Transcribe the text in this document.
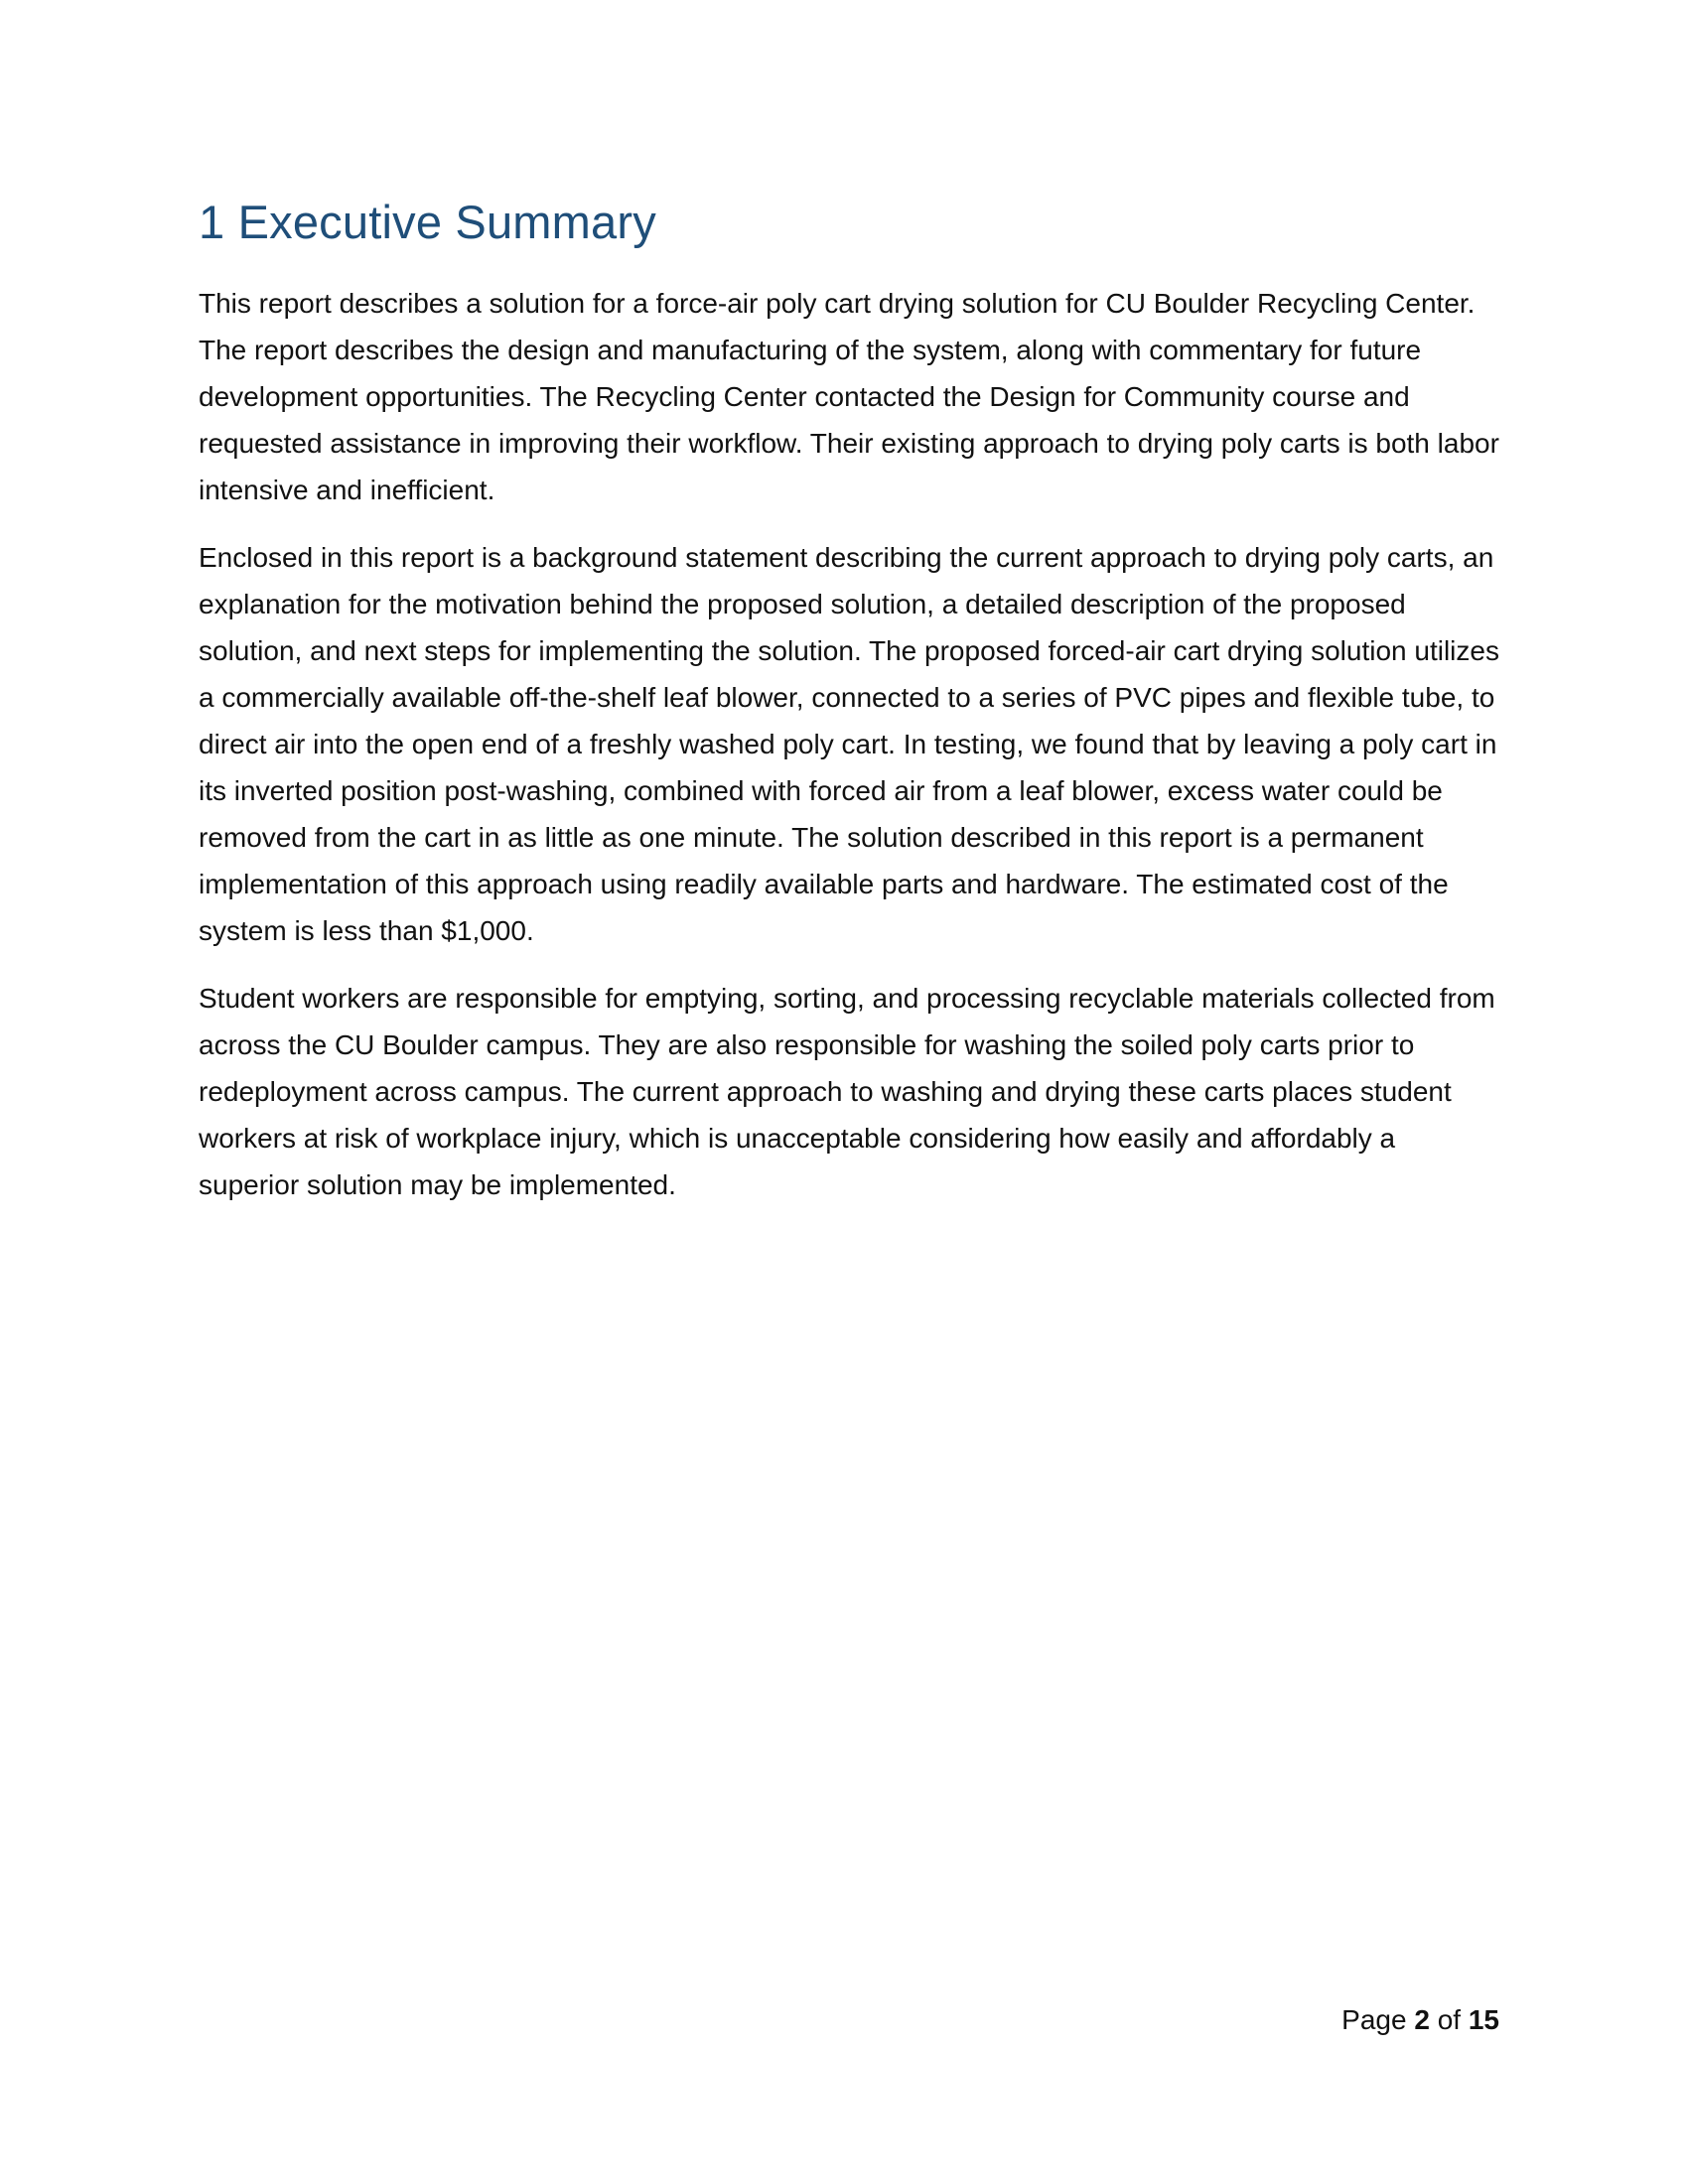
1 Executive Summary

This report describes a solution for a force-air poly cart drying solution for CU Boulder Recycling Center. The report describes the design and manufacturing of the system, along with commentary for future development opportunities. The Recycling Center contacted the Design for Community course and requested assistance in improving their workflow. Their existing approach to drying poly carts is both labor intensive and inefficient.

Enclosed in this report is a background statement describing the current approach to drying poly carts, an explanation for the motivation behind the proposed solution, a detailed description of the proposed solution, and next steps for implementing the solution. The proposed forced-air cart drying solution utilizes a commercially available off-the-shelf leaf blower, connected to a series of PVC pipes and flexible tube, to direct air into the open end of a freshly washed poly cart. In testing, we found that by leaving a poly cart in its inverted position post-washing, combined with forced air from a leaf blower, excess water could be removed from the cart in as little as one minute. The solution described in this report is a permanent implementation of this approach using readily available parts and hardware. The estimated cost of the system is less than $1,000.

Student workers are responsible for emptying, sorting, and processing recyclable materials collected from across the CU Boulder campus. They are also responsible for washing the soiled poly carts prior to redeployment across campus. The current approach to washing and drying these carts places student workers at risk of workplace injury, which is unacceptable considering how easily and affordably a superior solution may be implemented.

Page 2 of 15
